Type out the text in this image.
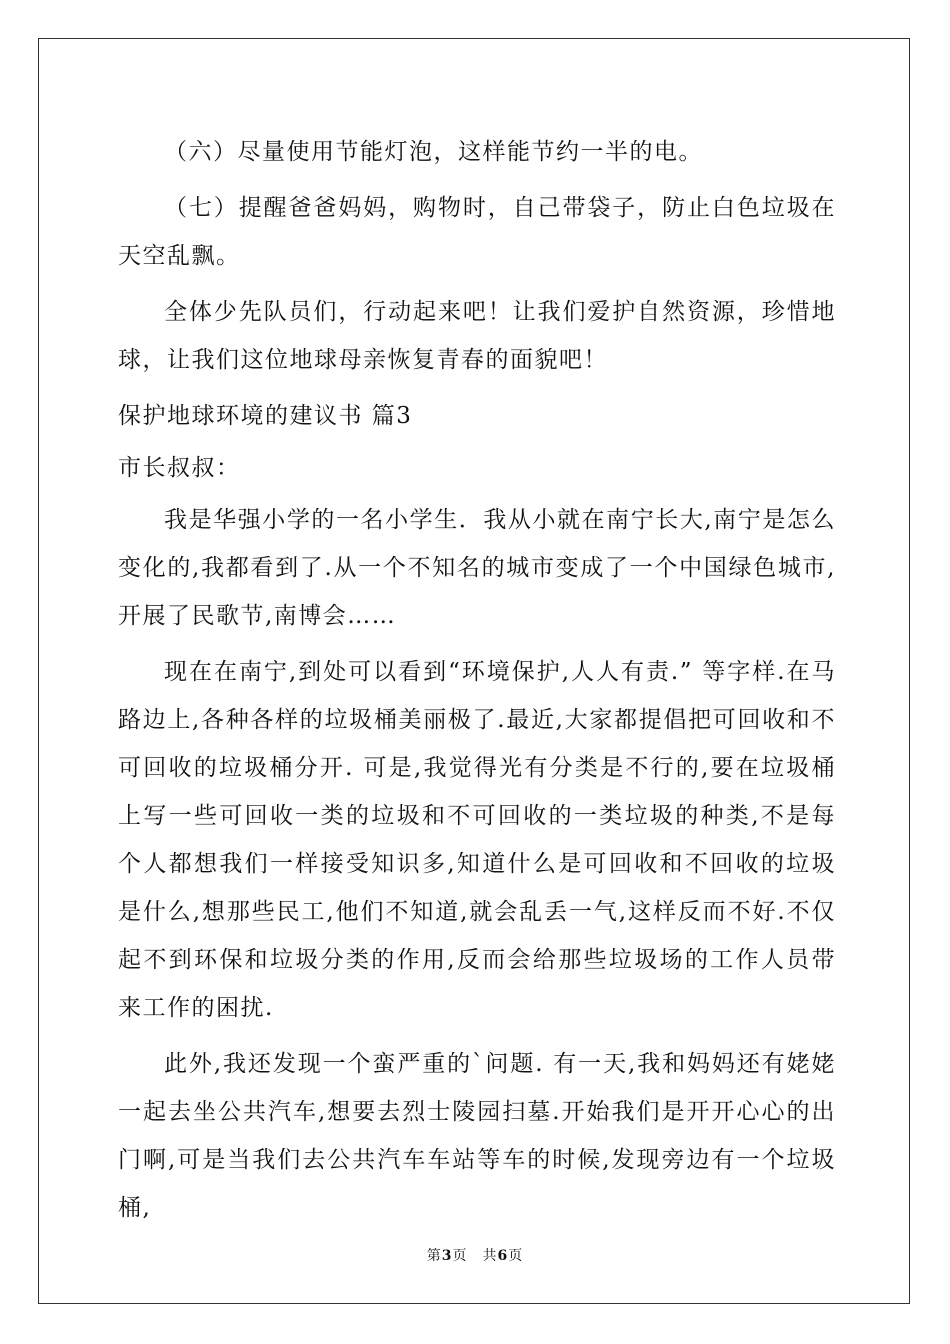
（六）尽量使用节能灯泡，这样能节约一半的电。

（七）提醒爸爸妈妈，购物时，自己带袋子，防止白色垃圾在天空乱飘。

全体少先队员们，行动起来吧！让我们爱护自然资源，珍惜地球，让我们这位地球母亲恢复青春的面貌吧！

保护地球环境的建议书 篇3

市长叔叔：

我是华强小学的一名小学生．我从小就在南宁长大,南宁是怎么变化的,我都看到了.从一个不知名的城市变成了一个中国绿色城市,开展了民歌节,南博会……

现在在南宁,到处可以看到“环境保护,人人有责.” 等字样.在马路边上,各种各样的垃圾桶美丽极了.最近,大家都提倡把可回收和不可回收的垃圾桶分开. 可是,我觉得光有分类是不行的,要在垃圾桶上写一些可回收一类的垃圾和不可回收的一类垃圾的种类,不是每个人都想我们一样接受知识多,知道什么是可回收和不回收的垃圾是什么,想那些民工,他们不知道,就会乱丢一气,这样反而不好.不仅起不到环保和垃圾分类的作用,反而会给那些垃圾场的工作人员带来工作的困扰.

此外,我还发现一个蛮严重的`问题. 有一天,我和妈妈还有姥姥一起去坐公共汽车,想要去烈士陵园扫墓.开始我们是开开心心的出门啊,可是当我们去公共汽车车站等车的时候,发现旁边有一个垃圾桶,

第3页　共6页
